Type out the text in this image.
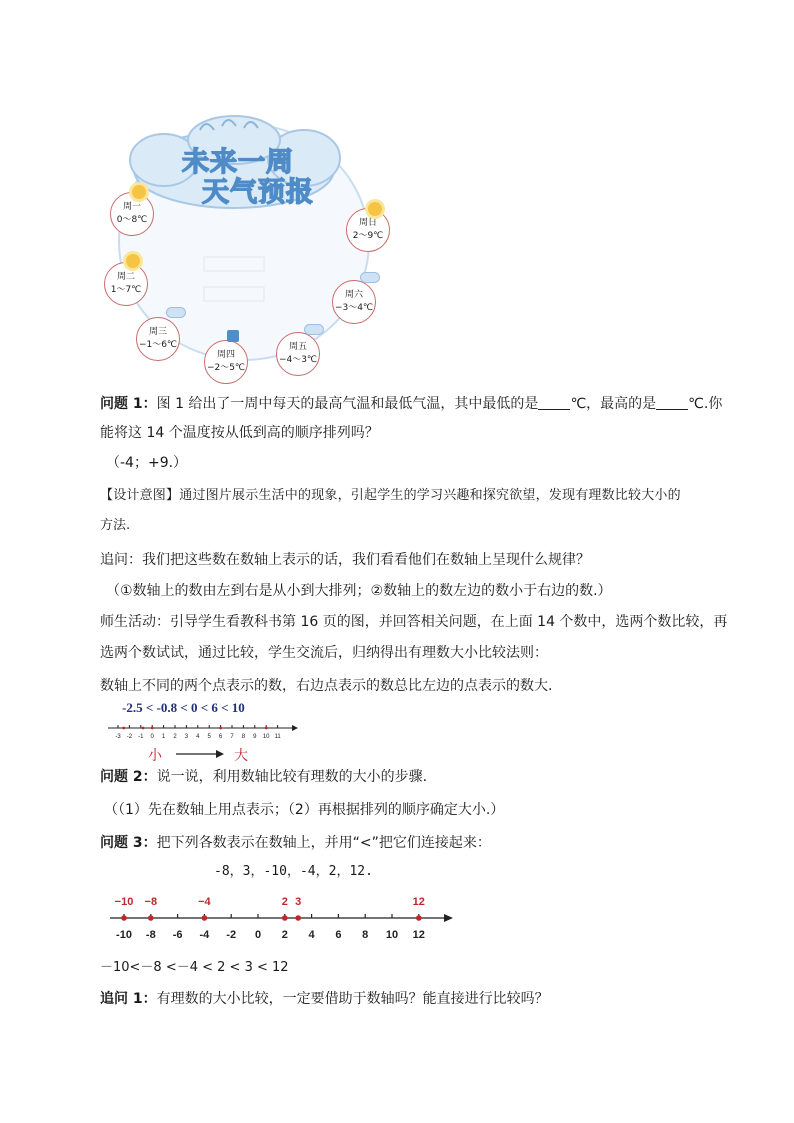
未来一周
天气预报
周一
0～8℃
周二
1～7℃
周三
−1～6℃
周四
−2～5℃
周五
−4～3℃
周六
−3～4℃
周日
2～9℃
问题 1：图 1 给出了一周中每天的最高气温和最低气温，其中最低的是 ℃，最高的是 ℃.你
能将这 14 个温度按从低到高的顺序排列吗？
（-4；+9.）
【设计意图】通过图片展示生活中的现象，引起学生的学习兴趣和探究欲望，发现有理数比较大小的
方法.
追问：我们把这些数在数轴上表示的话，我们看看他们在数轴上呈现什么规律？
（①数轴上的数由左到右是从小到大排列；②数轴上的数左边的数小于右边的数.）
师生活动：引导学生看教科书第 16 页的图，并回答相关问题，在上面 14 个数中，选两个数比较，再
选两个数试试，通过比较，学生交流后，归纳得出有理数大小比较法则：
数轴上不同的两个点表示的数，右边点表示的数总比左边的点表示的数大.
-2.5 < -0.8 < 0 < 6 < 10
-3 -2 -1 0 1 2 3 4 5 6 7 8 9 10 11
小	大
问题 2：说一说，利用数轴比较有理数的大小的步骤.
（（1）先在数轴上用点表示；（2）再根据排列的顺序确定大小.）
问题 3：把下列各数表示在数轴上，并用“<”把它们连接起来：
-8，3，-10，-4，2，12.
−10 −8	−4	2 3	12
-10 -8 -6 -4 -2 0 2 4 6 8 10 12
－10<－8 <－4 < 2 < 3 < 12
追问 1：有理数的大小比较，一定要借助于数轴吗？能直接进行比较吗？
